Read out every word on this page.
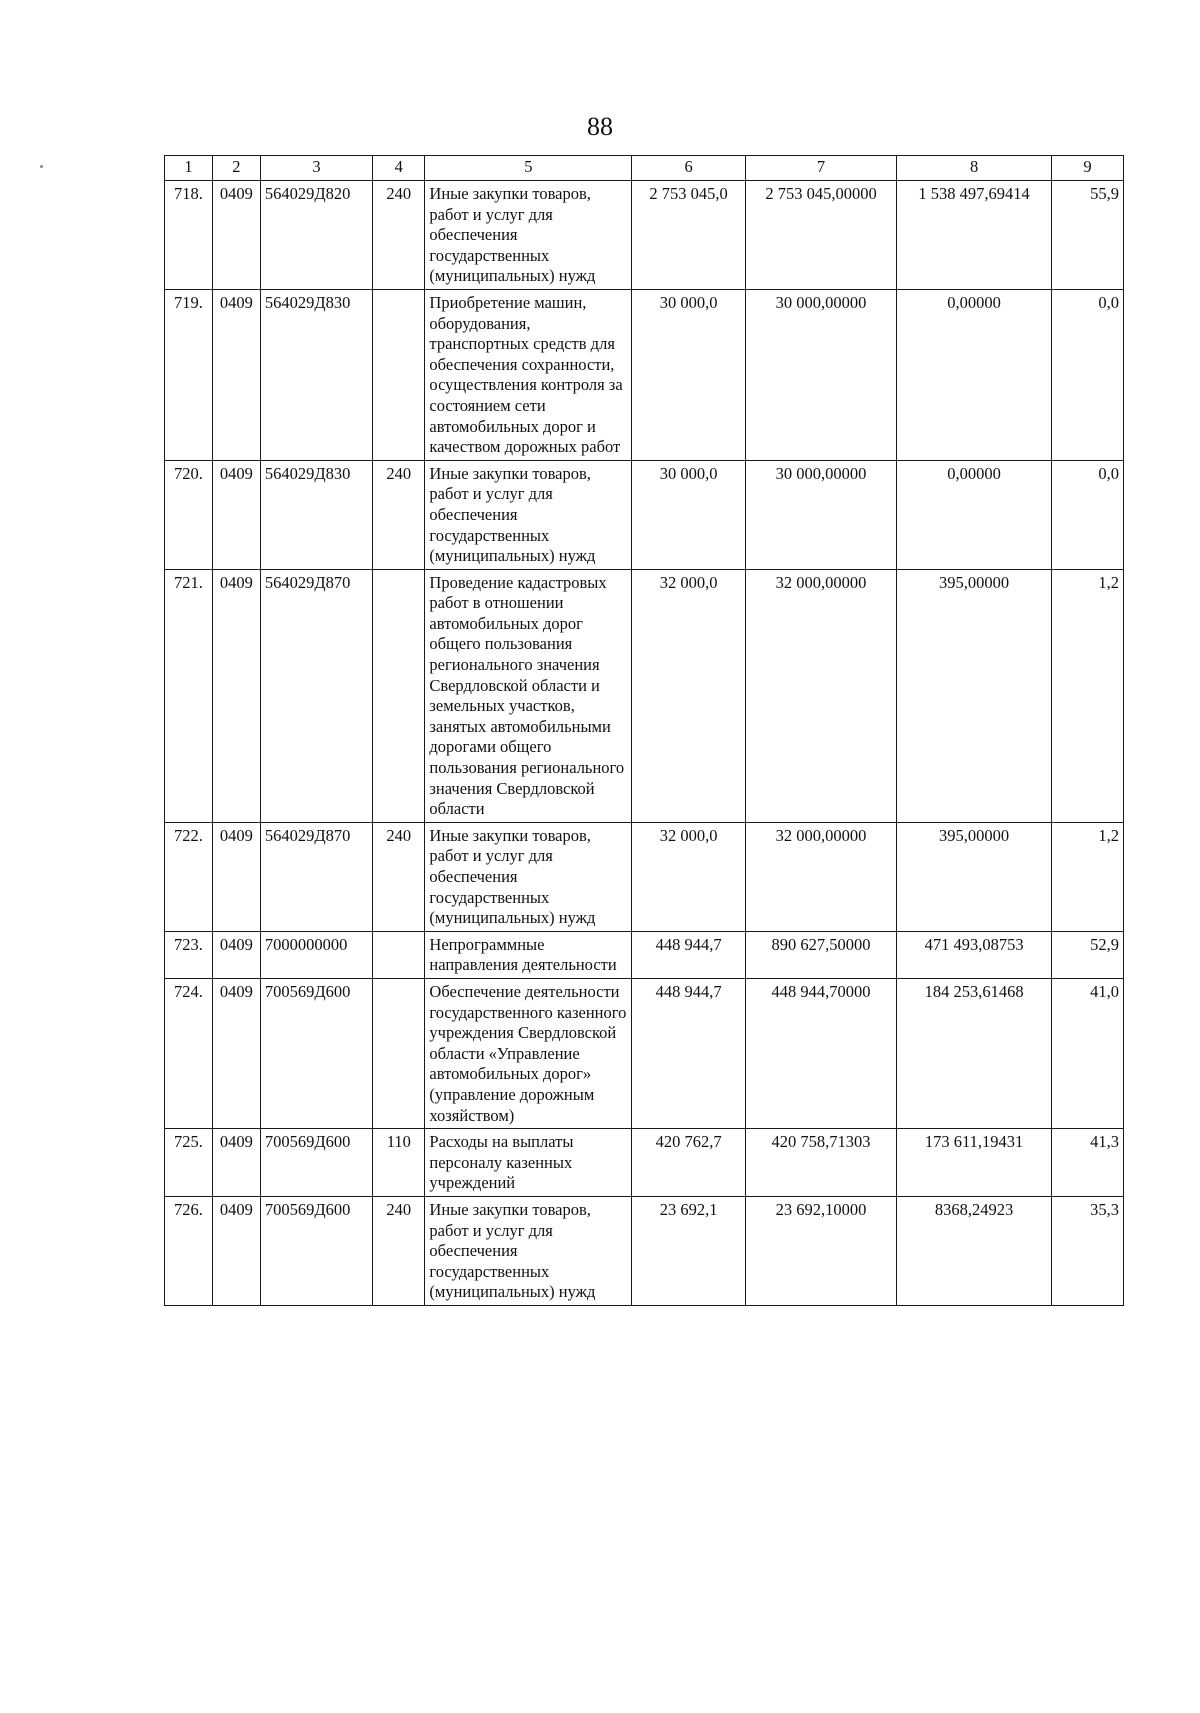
88
1	2	3	4	5	6	7	8	9
718.	0409	564029Д820	240	Иные закупки товаров, работ и услуг для обеспечения государственных (муниципальных) нужд	2 753 045,0	2 753 045,00000	1 538 497,69414	55,9
719.	0409	564029Д830		Приобретение машин, оборудования, транспортных средств для обеспечения сохранности, осуществления контроля за состоянием сети автомобильных дорог и качеством дорожных работ	30 000,0	30 000,00000	0,00000	0,0
720.	0409	564029Д830	240	Иные закупки товаров, работ и услуг для обеспечения государственных (муниципальных) нужд	30 000,0	30 000,00000	0,00000	0,0
721.	0409	564029Д870		Проведение кадастровых работ в отношении автомобильных дорог общего пользования регионального значения Свердловской области и земельных участков, занятых автомобильными дорогами общего пользования регионального значения Свердловской области	32 000,0	32 000,00000	395,00000	1,2
722.	0409	564029Д870	240	Иные закупки товаров, работ и услуг для обеспечения государственных (муниципальных) нужд	32 000,0	32 000,00000	395,00000	1,2
723.	0409	7000000000		Непрограммные направления деятельности	448 944,7	890 627,50000	471 493,08753	52,9
724.	0409	700569Д600		Обеспечение деятельности государственного казенного учреждения Свердловской области «Управление автомобильных дорог» (управление дорожным хозяйством)	448 944,7	448 944,70000	184 253,61468	41,0
725.	0409	700569Д600	110	Расходы на выплаты персоналу казенных учреждений	420 762,7	420 758,71303	173 611,19431	41,3
726.	0409	700569Д600	240	Иные закупки товаров, работ и услуг для обеспечения государственных (муниципальных) нужд	23 692,1	23 692,10000	8368,24923	35,3
